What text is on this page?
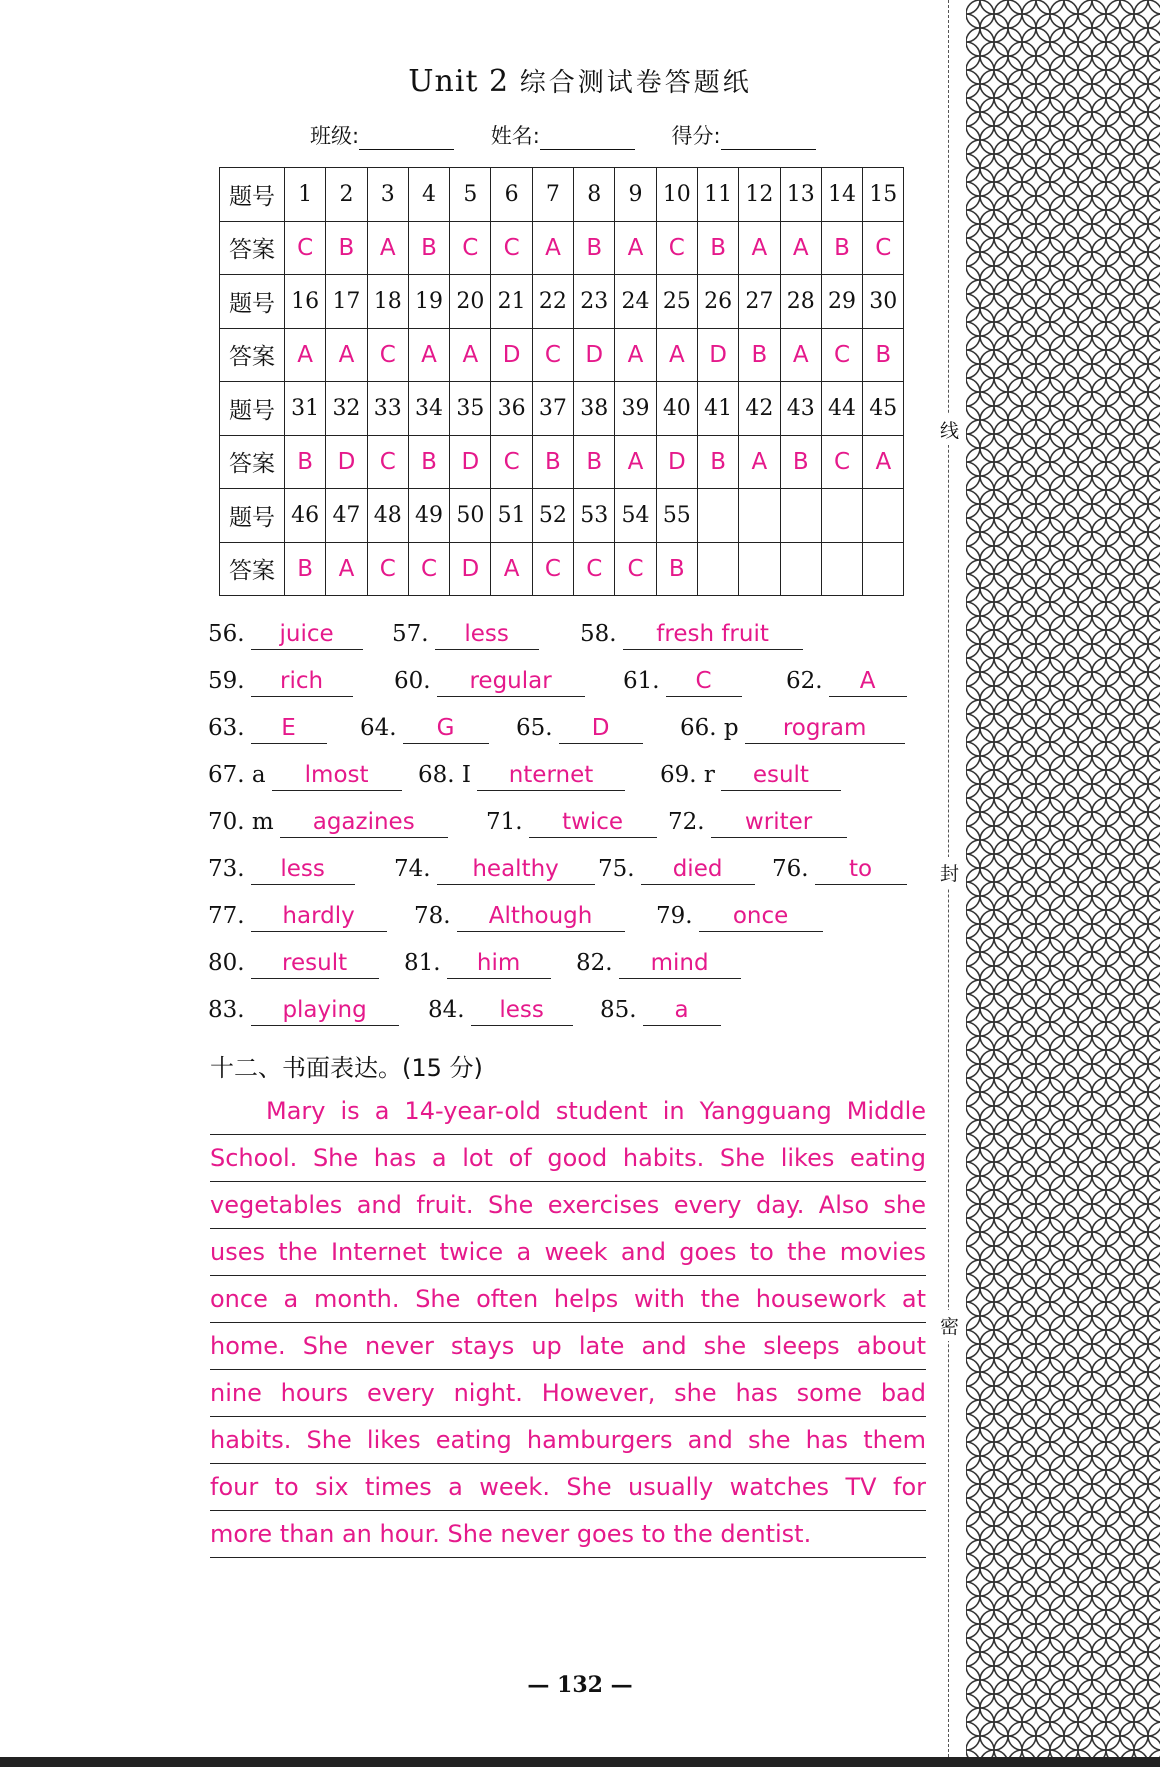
Unit 2 综合测试卷答题纸
班级:	姓名:	得分:
题号	1	2	3	4	5	6	7	8	9	10	11	12	13	14	15
答案	C	B	A	B	C	C	A	B	A	C	B	A	A	B	C
题号	16	17	18	19	20	21	22	23	24	25	26	27	28	29	30
答案	A	A	C	A	A	D	C	D	A	A	D	B	A	C	B
题号	31	32	33	34	35	36	37	38	39	40	41	42	43	44	45
答案	B	D	C	B	D	C	B	B	A	D	B	A	B	C	A
题号	46	47	48	49	50	51	52	53	54	55					
答案	B	A	C	C	D	A	C	C	C	B					
56. juice	57. less	58. fresh fruit
59. rich	60. regular	61. C	62. A
63. E	64. G	65. D	66. p rogram
67. a lmost	68. I nternet	69. r esult
70. m agazines	71. twice	72. writer
73. less	74. healthy	75. died	76. to
77. hardly	78. Although	79. once
80. result	81. him	82. mind
83. playing	84. less	85. a
十二、书面表达。(15 分)
Mary is a 14-year-old student in Yangguang Middle
School. She has a lot of good habits. She likes eating
vegetables and fruit. She exercises every day. Also she
uses the Internet twice a week and goes to the movies
once a month. She often helps with the housework at
home. She never stays up late and she sleeps about
nine hours every night. However, she has some bad
habits. She likes eating hamburgers and she has them
four to six times a week. She usually watches TV for
more than an hour. She never goes to the dentist.
— 132 —
线
封
密
